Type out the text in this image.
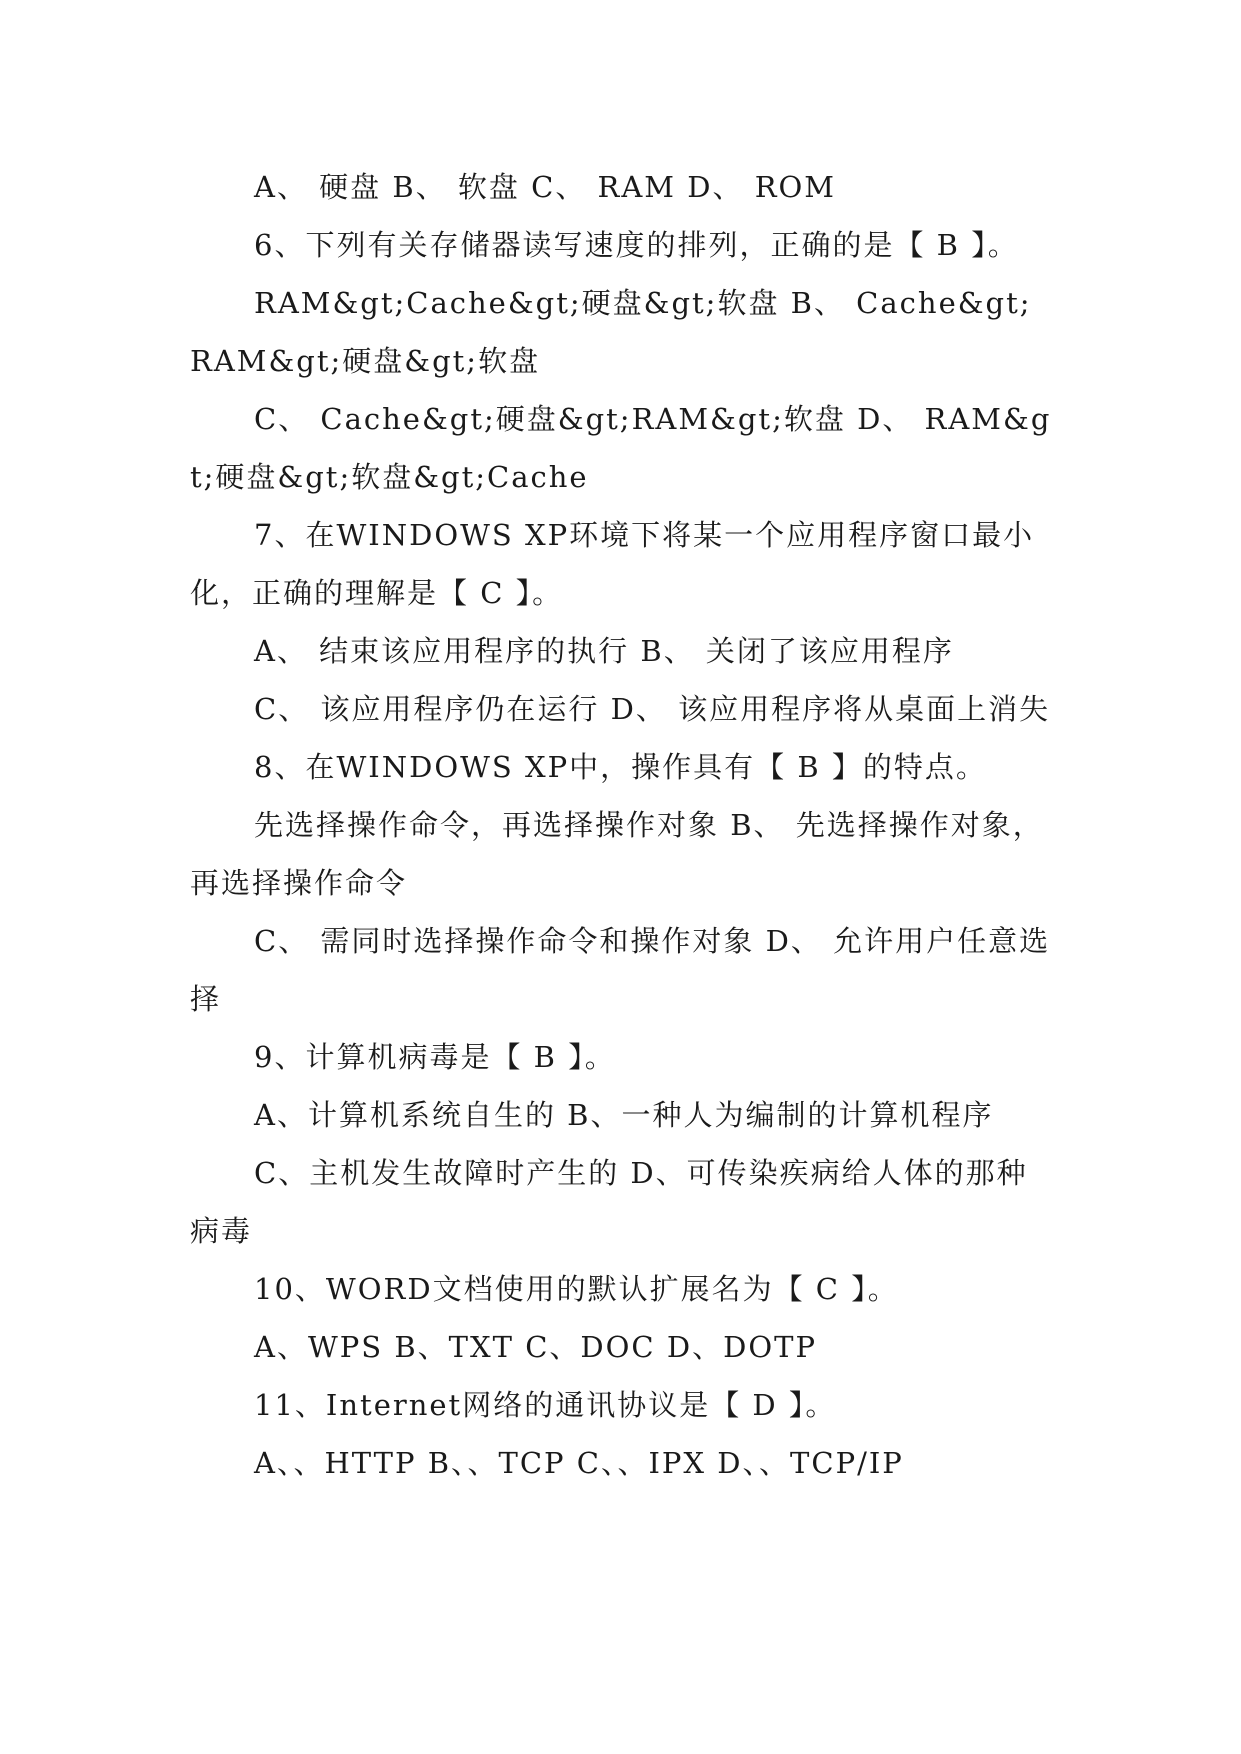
A、 硬盘 B、 软盘 C、 RAM D、 ROM

6、下列有关存储器读写速度的排列，正确的是【 B 】。

RAM&gt;Cache&gt;硬盘&gt;软盘 B、 Cache&gt;RAM&gt;硬盘&gt;软盘

C、 Cache&gt;硬盘&gt;RAM&gt;软盘 D、 RAM&gt;硬盘&gt;软盘&gt;Cache

7、在WINDOWS XP环境下将某一个应用程序窗口最小化，正确的理解是【 C 】。

A、 结束该应用程序的执行 B、 关闭了该应用程序

C、 该应用程序仍在运行 D、 该应用程序将从桌面上消失

8、在WINDOWS XP中，操作具有【 B 】的特点。

先选择操作命令，再选择操作对象 B、 先选择操作对象，再选择操作命令

C、 需同时选择操作命令和操作对象 D、 允许用户任意选择

9、计算机病毒是【 B 】。

A、计算机系统自生的 B、一种人为编制的计算机程序

C、主机发生故障时产生的 D、可传染疾病给人体的那种病毒

10、WORD文档使用的默认扩展名为【 C 】。

A、WPS B、TXT C、DOC D、DOTP

11、Internet网络的通讯协议是【 D 】。

A、、HTTP B、、TCP C、、IPX D、、TCP/IP
